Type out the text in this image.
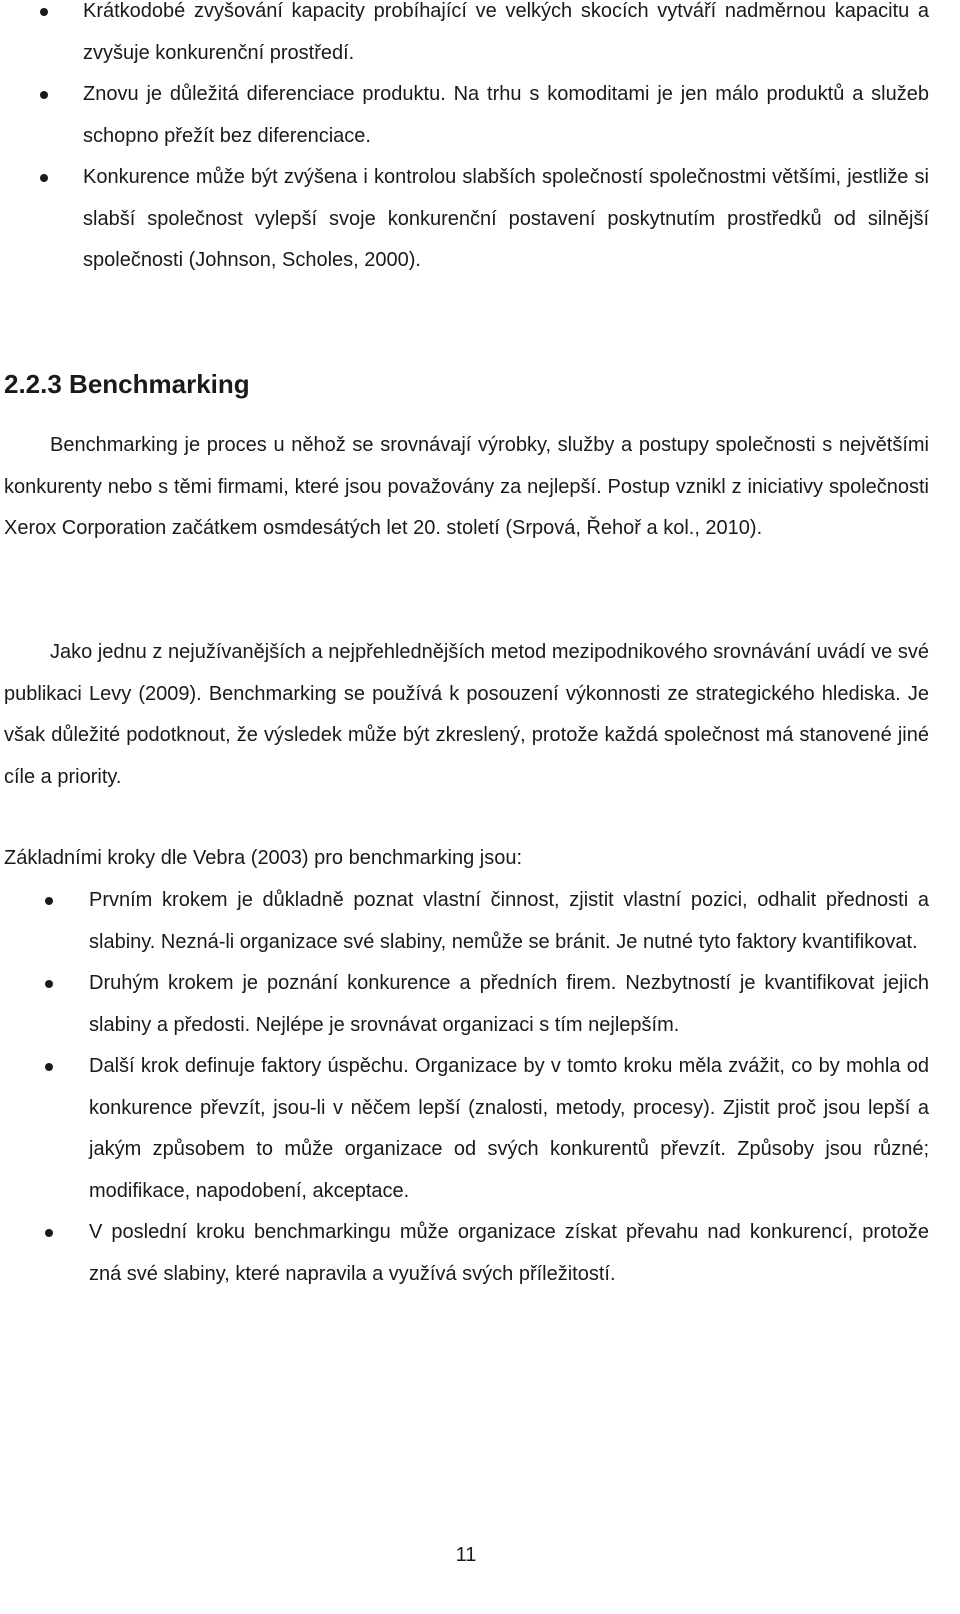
Krátkodobé zvyšování kapacity probíhající ve velkých skocích vytváří nadměrnou kapacitu a zvyšuje konkurenční prostředí.
Znovu je důležitá diferenciace produktu. Na trhu s komoditami je jen málo produktů a služeb schopno přežít bez diferenciace.
Konkurence může být zvýšena i kontrolou slabších společností společnostmi většími, jestliže si slabší společnost vylepší svoje konkurenční postavení poskytnutím prostředků od silnější společnosti (Johnson, Scholes, 2000).
2.2.3 Benchmarking

Benchmarking je proces u něhož se srovnávají výrobky, služby a postupy společnosti s největšími konkurenty nebo s těmi firmami, které jsou považovány za nejlepší. Postup vznikl z iniciativy společnosti Xerox Corporation začátkem osmdesátých let 20. století (Srpová, Řehoř a kol., 2010).

Jako jednu z nejužívanějších a nejpřehlednějších metod mezipodnikového srovnávání uvádí ve své publikaci Levy (2009). Benchmarking se používá k posouzení výkonnosti ze strategického hlediska. Je však důležité podotknout, že výsledek může být zkreslený, protože každá společnost má stanovené jiné cíle a priority.

Základními kroky dle Vebra (2003) pro benchmarking jsou:

Prvním krokem je důkladně poznat vlastní činnost, zjistit vlastní pozici, odhalit přednosti a slabiny. Nezná-li organizace své slabiny, nemůže se bránit. Je nutné tyto faktory kvantifikovat.
Druhým krokem je poznání konkurence a předních firem. Nezbytností je kvantifikovat jejich slabiny a předosti. Nejlépe je srovnávat organizaci s tím nejlepším.
Další krok definuje faktory úspěchu. Organizace by v tomto kroku měla zvážit, co by mohla od konkurence převzít, jsou-li v něčem lepší (znalosti, metody, procesy). Zjistit proč jsou lepší a jakým způsobem to může organizace od svých konkurentů převzít. Způsoby jsou různé; modifikace, napodobení, akceptace.
V poslední kroku benchmarkingu může organizace získat převahu nad konkurencí, protože zná své slabiny, které napravila a využívá svých příležitostí.
11
